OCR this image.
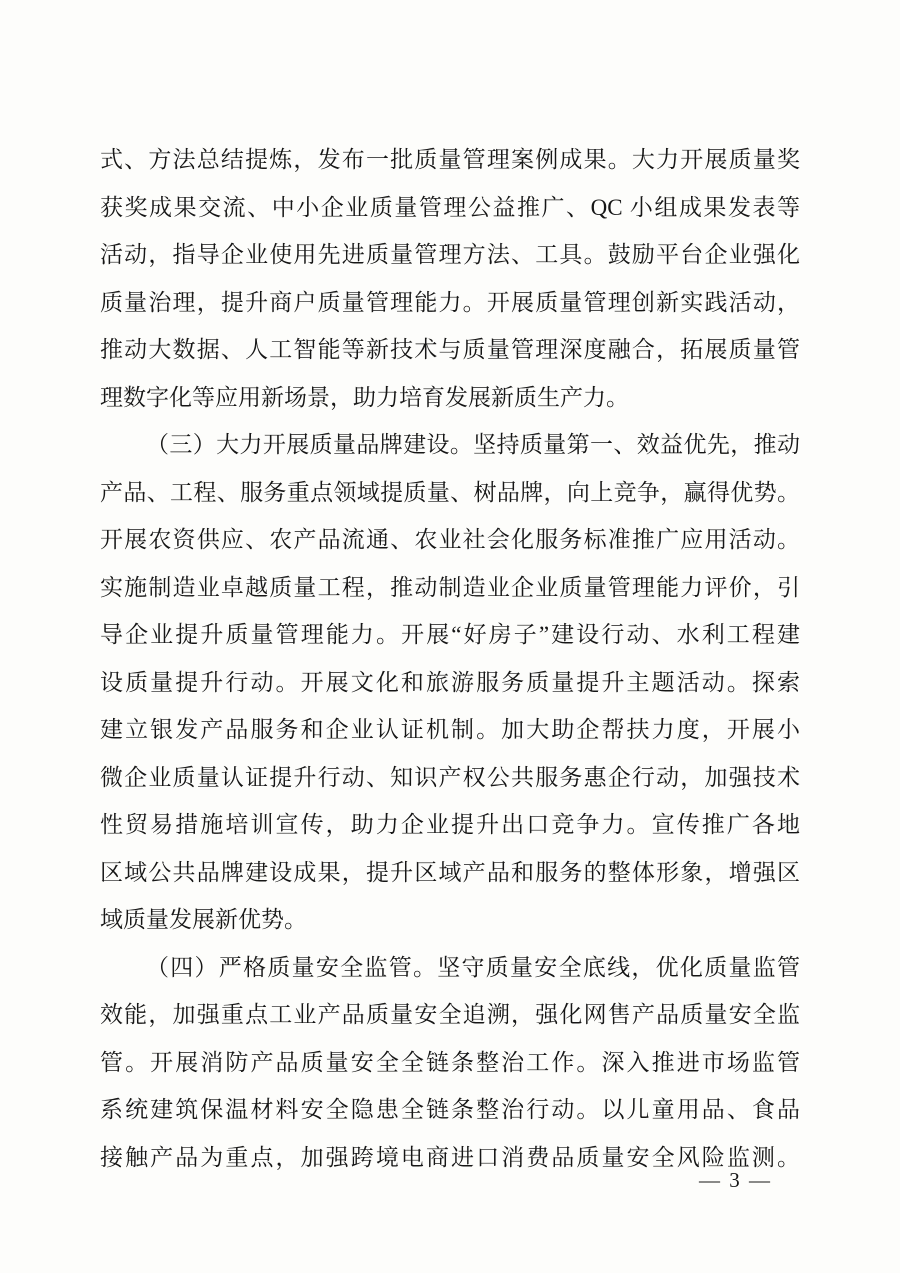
式、方法总结提炼，发布一批质量管理案例成果。大力开展质量奖
获奖成果交流、中小企业质量管理公益推广、QC 小组成果发表等
活动，指导企业使用先进质量管理方法、工具。鼓励平台企业强化
质量治理，提升商户质量管理能力。开展质量管理创新实践活动，
推动大数据、人工智能等新技术与质量管理深度融合，拓展质量管
理数字化等应用新场景，助力培育发展新质生产力。
（三）大力开展质量品牌建设。坚持质量第一、效益优先，推动
产品、工程、服务重点领域提质量、树品牌，向上竞争，赢得优势。
开展农资供应、农产品流通、农业社会化服务标准推广应用活动。
实施制造业卓越质量工程，推动制造业企业质量管理能力评价，引
导企业提升质量管理能力。开展“好房子”建设行动、水利工程建
设质量提升行动。开展文化和旅游服务质量提升主题活动。探索
建立银发产品服务和企业认证机制。加大助企帮扶力度，开展小
微企业质量认证提升行动、知识产权公共服务惠企行动，加强技术
性贸易措施培训宣传，助力企业提升出口竞争力。宣传推广各地
区域公共品牌建设成果，提升区域产品和服务的整体形象，增强区
域质量发展新优势。
（四）严格质量安全监管。坚守质量安全底线，优化质量监管
效能，加强重点工业产品质量安全追溯，强化网售产品质量安全监
管。开展消防产品质量安全全链条整治工作。深入推进市场监管
系统建筑保温材料安全隐患全链条整治行动。以儿童用品、食品
接触产品为重点，加强跨境电商进口消费品质量安全风险监测。
— 3 —
